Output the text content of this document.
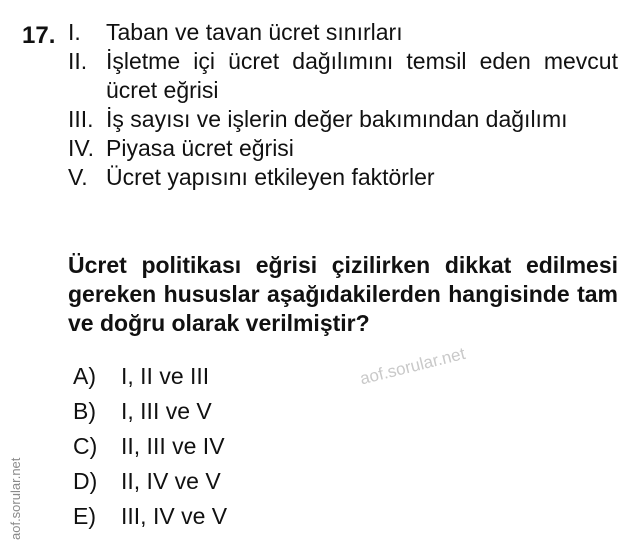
17. I.	Taban ve tavan ücret sınırları
II. İşletme içi ücret dağılımını temsil eden mevcut ücret eğrisi
III. İş sayısı ve işlerin değer bakımından dağılımı
IV. Piyasa ücret eğrisi
V. Ücret yapısını etkileyen faktörler
Ücret politikası eğrisi çizilirken dikkat edilmesi gereken hususlar aşağıdakilerden hangisinde tam ve doğru olarak verilmiştir?
A)	I, II ve III
B)	I, III ve V
C)	II, III ve IV
D)	II, IV ve V
E)	III, IV ve V
aof.sorular.net
aof.sorular.net
